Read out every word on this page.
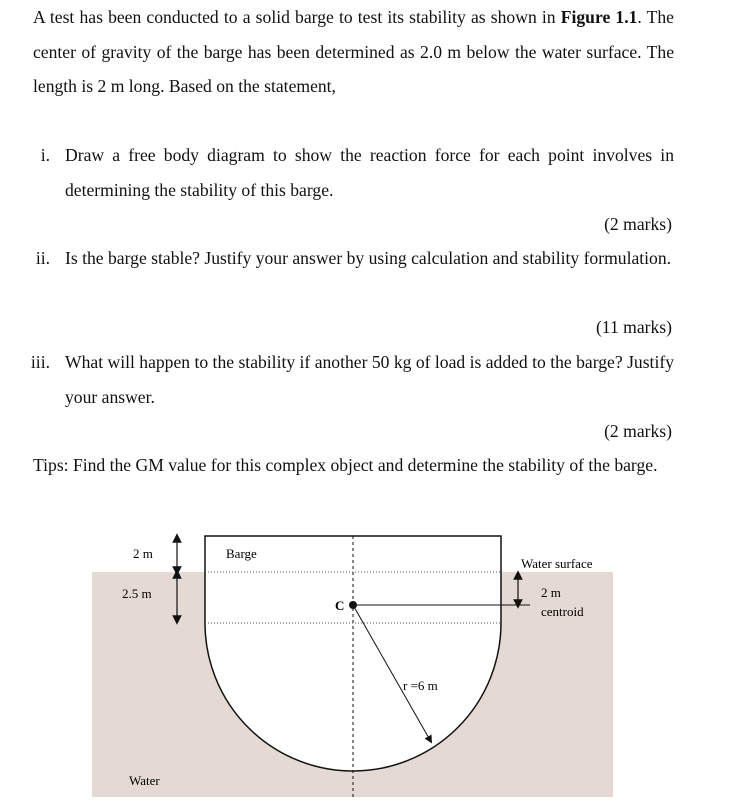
A test has been conducted to a solid barge to test its stability as shown in Figure 1.1. The center of gravity of the barge has been determined as 2.0 m below the water surface. The length is 2 m long. Based on the statement,

i. Draw a free body diagram to show the reaction force for each point involves in determining the stability of this barge.

(2 marks)
ii. Is the barge stable? Justify your answer by using calculation and stability formulation.

(11 marks)
iii. What will happen to the stability if another 50 kg of load is added to the barge? Justify your answer.

(2 marks)

Tips: Find the GM value for this complex object and determine the stability of the barge.

C
r =6 m
2 m
2.5 m
Barge
Water surface
2 m
centroid
Water
